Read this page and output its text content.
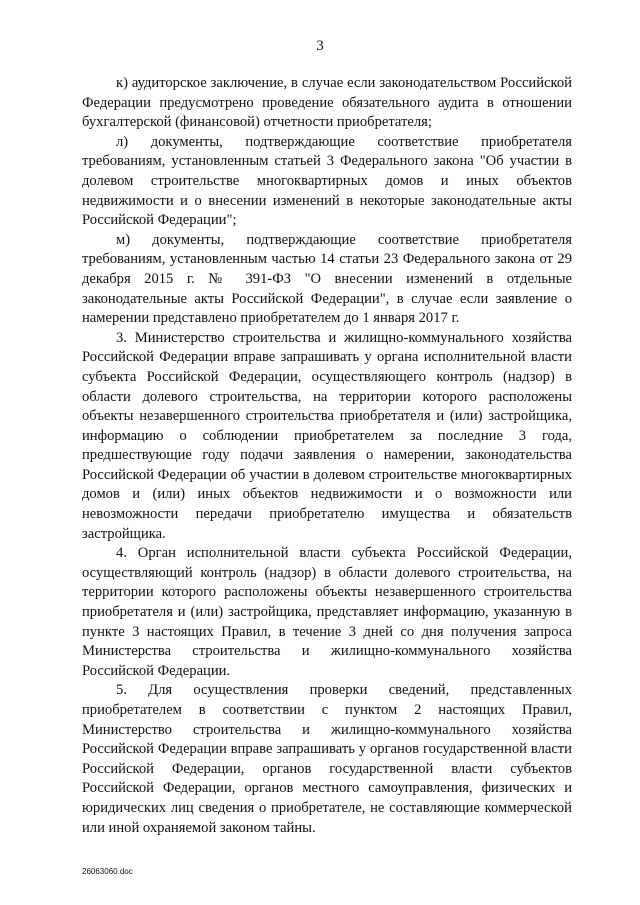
3

к) аудиторское заключение, в случае если законодательством Российской Федерации предусмотрено проведение обязательного аудита в отношении бухгалтерской (финансовой) отчетности приобретателя;

л) документы, подтверждающие соответствие приобретателя требованиям, установленным статьей 3 Федерального закона "Об участии в долевом строительстве многоквартирных домов и иных объектов недвижимости и о внесении изменений в некоторые законодательные акты Российской Федерации";

м) документы, подтверждающие соответствие приобретателя требованиям, установленным частью 14 статьи 23 Федерального закона от 29 декабря 2015 г. № 391-ФЗ "О внесении изменений в отдельные законодательные акты Российской Федерации", в случае если заявление о намерении представлено приобретателем до 1 января 2017 г.

3. Министерство строительства и жилищно-коммунального хозяйства Российской Федерации вправе запрашивать у органа исполнительной власти субъекта Российской Федерации, осуществляющего контроль (надзор) в области долевого строительства, на территории которого расположены объекты незавершенного строительства приобретателя и (или) застройщика, информацию о соблюдении приобретателем за последние 3 года, предшествующие году подачи заявления о намерении, законодательства Российской Федерации об участии в долевом строительстве многоквартирных домов и (или) иных объектов недвижимости и о возможности или невозможности передачи приобретателю имущества и обязательств застройщика.

4. Орган исполнительной власти субъекта Российской Федерации, осуществляющий контроль (надзор) в области долевого строительства, на территории которого расположены объекты незавершенного строительства приобретателя и (или) застройщика, представляет информацию, указанную в пункте 3 настоящих Правил, в течение 3 дней со дня получения запроса Министерства строительства и жилищно-коммунального хозяйства Российской Федерации.

5. Для осуществления проверки сведений, представленных приобретателем в соответствии с пунктом 2 настоящих Правил, Министерство строительства и жилищно-коммунального хозяйства Российской Федерации вправе запрашивать у органов государственной власти Российской Федерации, органов государственной власти субъектов Российской Федерации, органов местного самоуправления, физических и юридических лиц сведения о приобретателе, не составляющие коммерческой или иной охраняемой законом тайны.

26063060.doc
